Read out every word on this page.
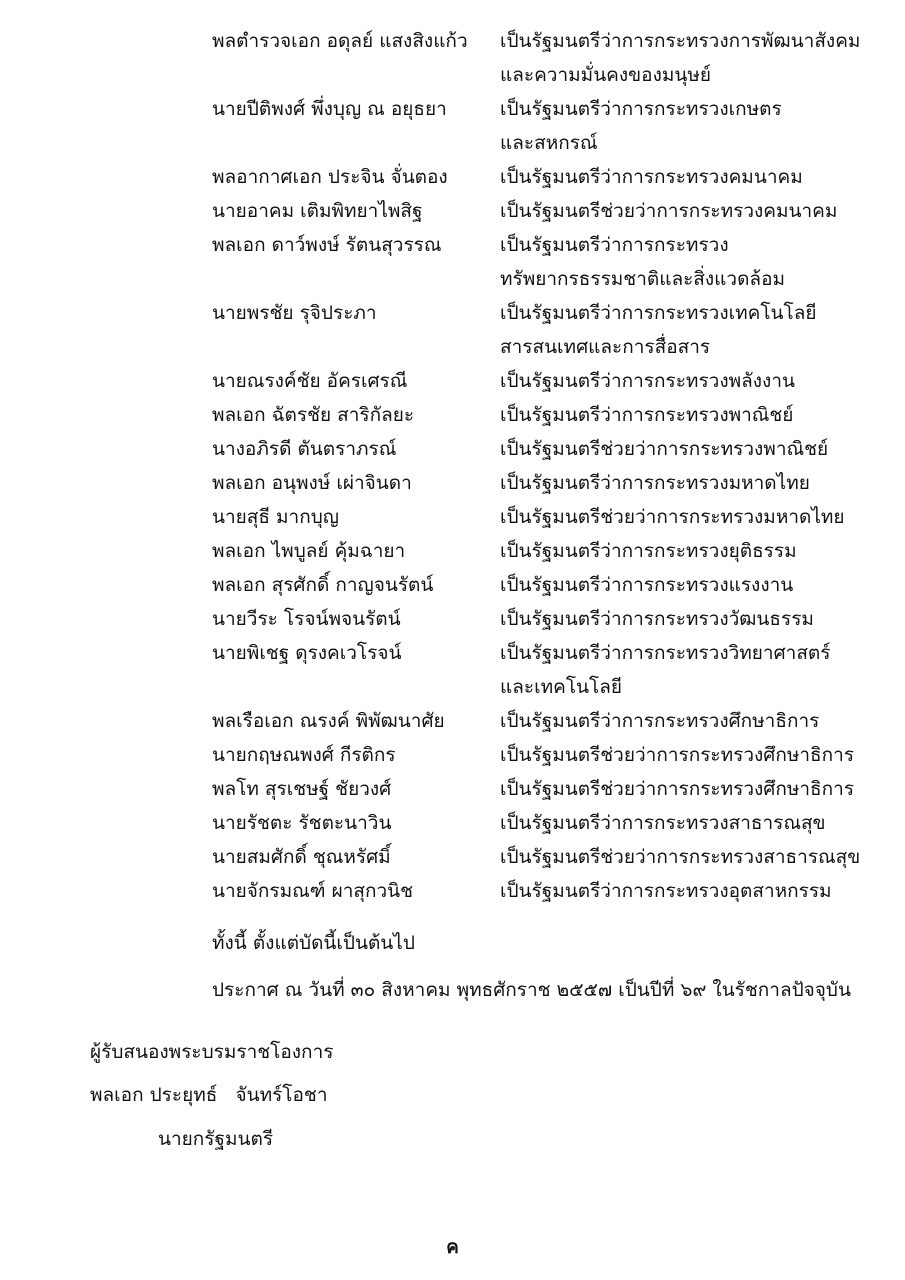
พลตำรวจเอก อดุลย์ แสงสิงแก้ว เป็นรัฐมนตรีว่าการกระทรวงการพัฒนาสังคม
และความมั่นคงของมนุษย์
นายปีติพงศ์ พึ่งบุญ ณ อยุธยา	เป็นรัฐมนตรีว่าการกระทรวงเกษตร
และสหกรณ์
พลอากาศเอก ประจิน จั่นตอง	เป็นรัฐมนตรีว่าการกระทรวงคมนาคม
นายอาคม เติมพิทยาไพสิฐ	เป็นรัฐมนตรีช่วยว่าการกระทรวงคมนาคม
พลเอก ดาว์พงษ์ รัตนสุวรรณ	เป็นรัฐมนตรีว่าการกระทรวง
ทรัพยากรธรรมชาติและสิ่งแวดล้อม
นายพรชัย รุจิประภา	เป็นรัฐมนตรีว่าการกระทรวงเทคโนโลยี
สารสนเทศและการสื่อสาร
นายณรงค์ชัย อัครเศรณี	เป็นรัฐมนตรีว่าการกระทรวงพลังงาน
พลเอก ฉัตรชัย สาริกัลยะ	เป็นรัฐมนตรีว่าการกระทรวงพาณิชย์
นางอภิรดี ตันตราภรณ์	เป็นรัฐมนตรีช่วยว่าการกระทรวงพาณิชย์
พลเอก อนุพงษ์ เผ่าจินดา	เป็นรัฐมนตรีว่าการกระทรวงมหาดไทย
นายสุธี มากบุญ	เป็นรัฐมนตรีช่วยว่าการกระทรวงมหาดไทย
พลเอก ไพบูลย์ คุ้มฉายา	เป็นรัฐมนตรีว่าการกระทรวงยุติธรรม
พลเอก สุรศักดิ์ กาญจนรัตน์	เป็นรัฐมนตรีว่าการกระทรวงแรงงาน
นายวีระ โรจน์พจนรัตน์	เป็นรัฐมนตรีว่าการกระทรวงวัฒนธรรม
นายพิเชฐ ดุรงคเวโรจน์	เป็นรัฐมนตรีว่าการกระทรวงวิทยาศาสตร์
และเทคโนโลยี
พลเรือเอก ณรงค์ พิพัฒนาศัย	เป็นรัฐมนตรีว่าการกระทรวงศึกษาธิการ
นายกฤษณพงศ์ กีรติกร	เป็นรัฐมนตรีช่วยว่าการกระทรวงศึกษาธิการ
พลโท สุรเชษฐ์ ชัยวงศ์	เป็นรัฐมนตรีช่วยว่าการกระทรวงศึกษาธิการ
นายรัชตะ รัชตะนาวิน	เป็นรัฐมนตรีว่าการกระทรวงสาธารณสุข
นายสมศักดิ์ ชุณหรัศมิ์	เป็นรัฐมนตรีช่วยว่าการกระทรวงสาธารณสุข
นายจักรมณฑ์ ผาสุกวนิช	เป็นรัฐมนตรีว่าการกระทรวงอุตสาหกรรม
ทั้งนี้ ตั้งแต่บัดนี้เป็นต้นไป
ประกาศ ณ วันที่ ๓๐ สิงหาคม พุทธศักราช ๒๕๕๗ เป็นปีที่ ๖๙ ในรัชกาลปัจจุบัน
ผู้รับสนองพระบรมราชโองการ
พลเอก ประยุทธ์   จันทร์โอชา
นายกรัฐมนตรี
ค
